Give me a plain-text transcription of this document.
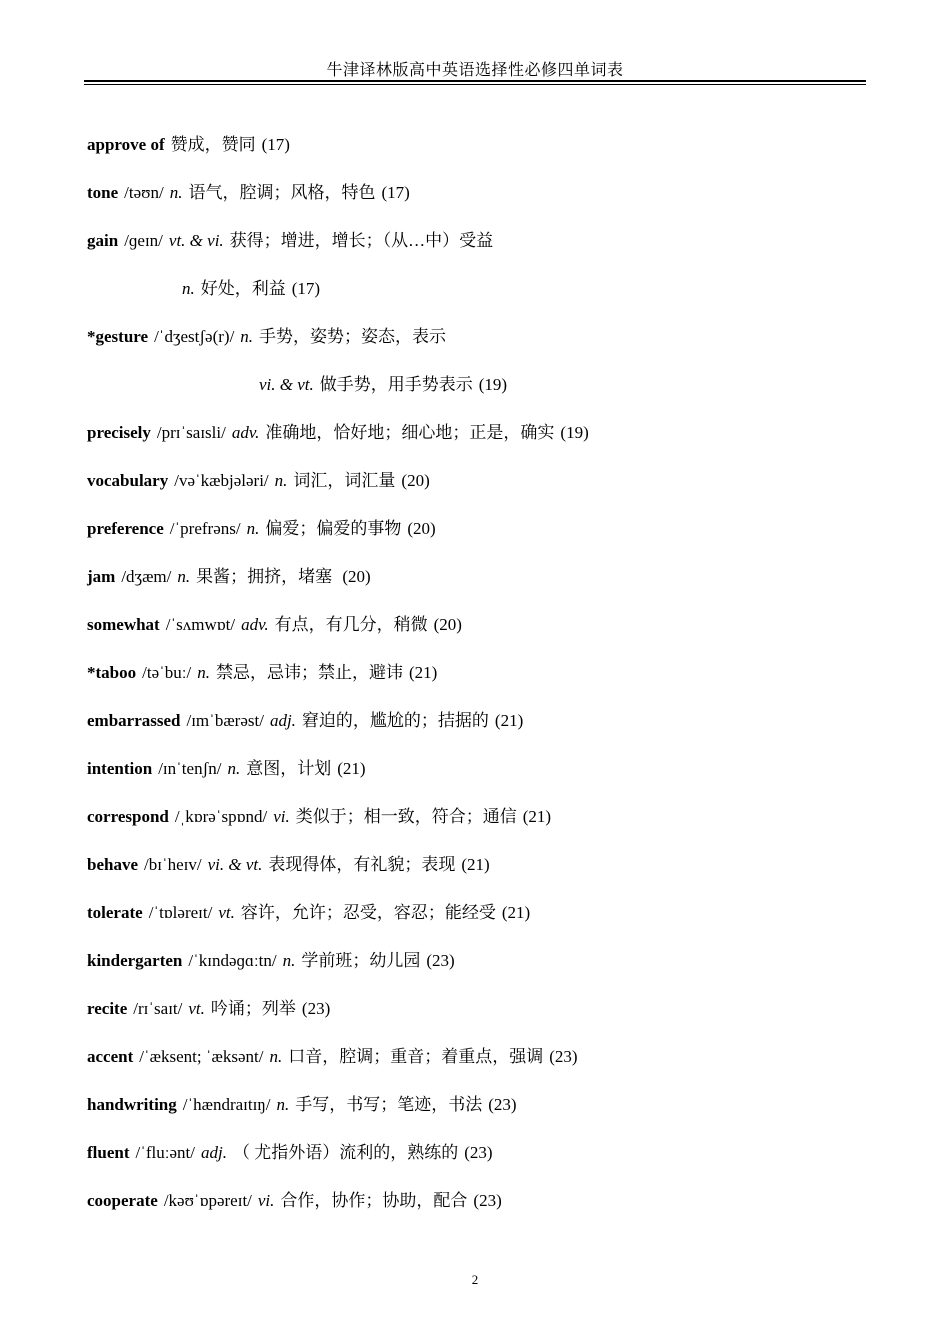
牛津译林版高中英语选择性必修四单词表
approve of 赞成，赞同 (17)
tone /təʊn/ n. 语气，腔调；风格，特色 (17)
gain /ɡeɪn/ vt. & vi. 获得；增进，增长；（从…中）受益
n. 好处，利益 (17)
*gesture /ˈdʒestʃə(r)/ n. 手势，姿势；姿态，表示
vi. & vt. 做手势，用手势表示 (19)
precisely /prɪˈsaɪsli/ adv. 准确地，恰好地；细心地；正是，确实 (19)
vocabulary /vəˈkæbjələri/ n. 词汇，词汇量 (20)
preference /ˈprefrəns/ n. 偏爱；偏爱的事物 (20)
jam /dʒæm/ n. 果酱；拥挤，堵塞 (20)
somewhat /ˈsʌmwɒt/ adv. 有点，有几分，稍微 (20)
*taboo /təˈbuː/ n. 禁忌，忌讳；禁止，避讳 (21)
embarrassed /ɪmˈbærəst/ adj. 窘迫的，尴尬的；拮据的 (21)
intention /ɪnˈtenʃn/ n. 意图，计划 (21)
correspond /ˌkɒrəˈspɒnd/ vi. 类似于；相一致，符合；通信 (21)
behave /bɪˈheɪv/ vi. & vt. 表现得体，有礼貌；表现 (21)
tolerate /ˈtɒləreɪt/ vt. 容许，允许；忍受，容忍；能经受 (21)
kindergarten /ˈkɪndəɡɑːtn/ n. 学前班；幼儿园 (23)
recite /rɪˈsaɪt/ vt. 吟诵；列举 (23)
accent /ˈæksent; ˈæksənt/ n. 口音，腔调；重音；着重点，强调 (23)
handwriting /ˈhændraɪtɪŋ/ n. 手写，书写；笔迹，书法 (23)
fluent /ˈfluːənt/ adj. （ 尤指外语）流利的，熟练的 (23)
cooperate /kəʊˈɒpəreɪt/ vi. 合作，协作；协助，配合 (23)
2
